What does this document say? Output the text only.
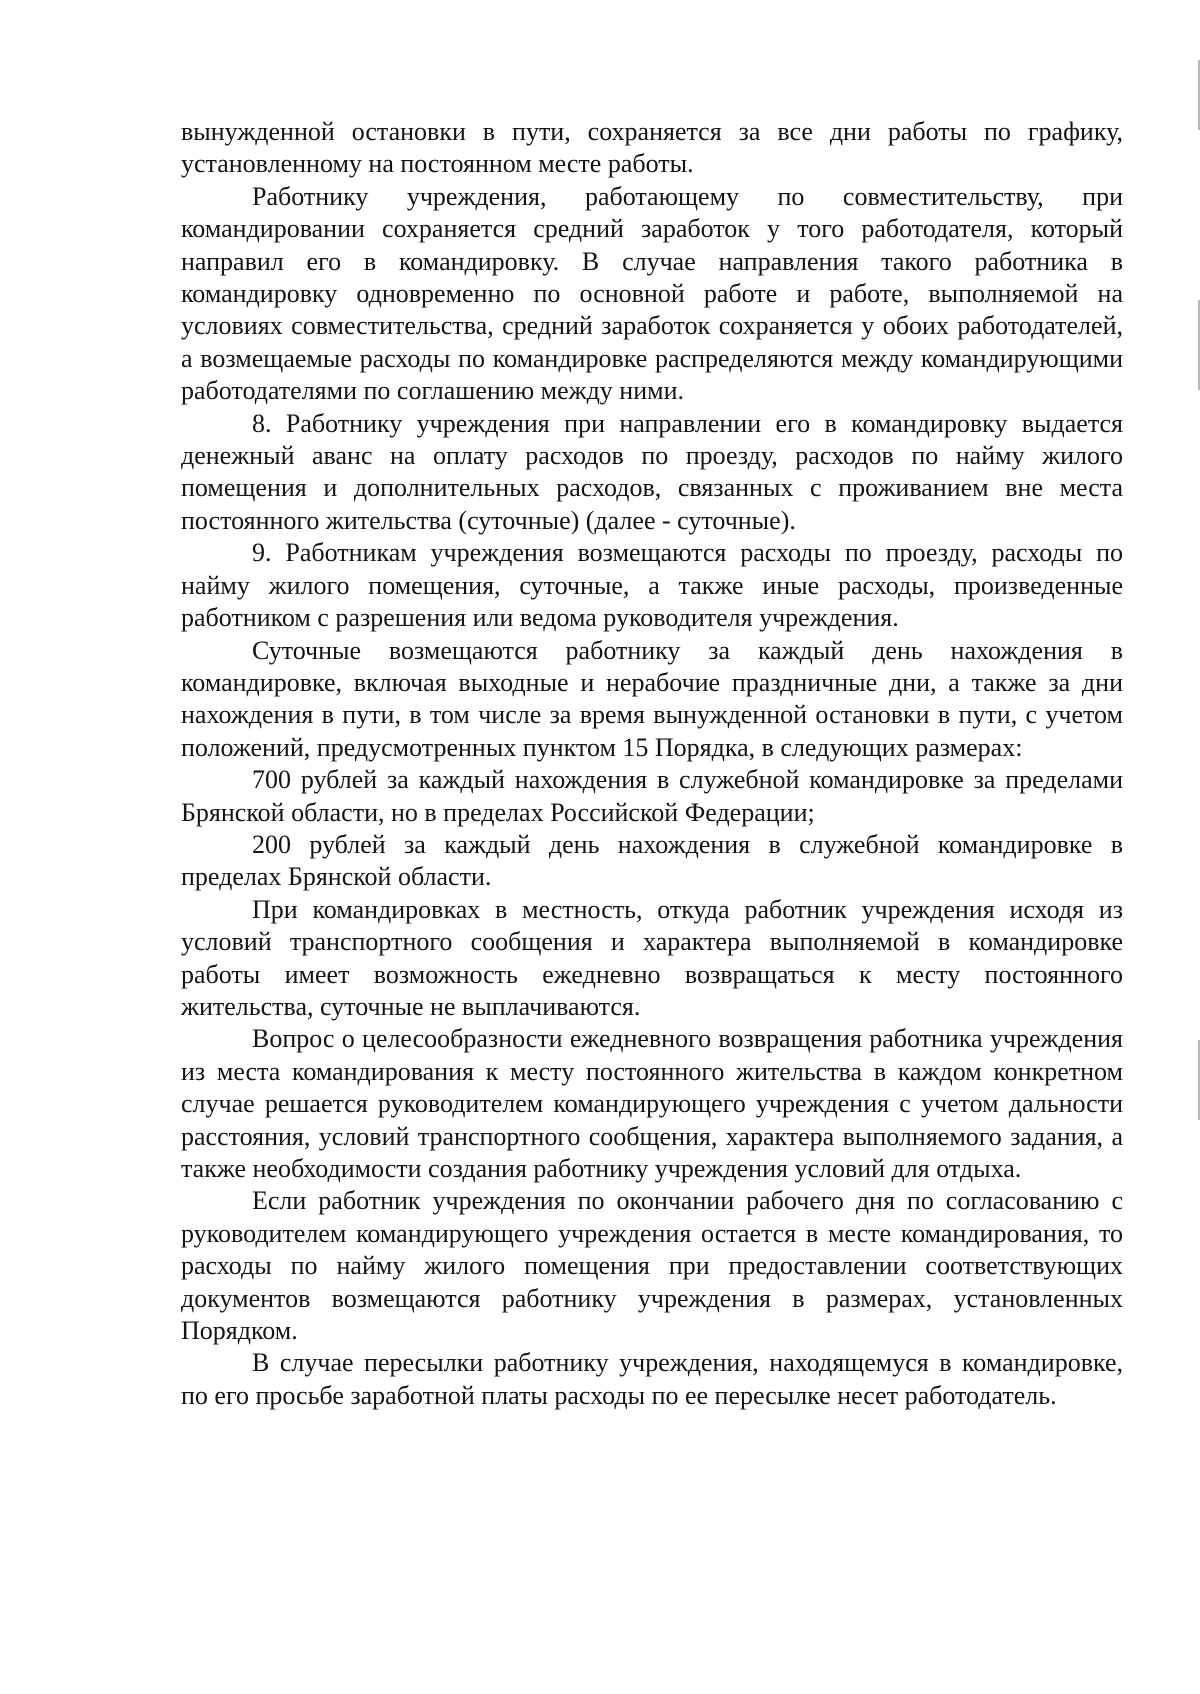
вынужденной остановки в пути, сохраняется за все дни работы по графику, установленному на постоянном месте работы.

Работнику учреждения, работающему по совместительству, при командировании сохраняется средний заработок у того работодателя, который направил его в командировку. В случае направления такого работника в командировку одновременно по основной работе и работе, выполняемой на условиях совместительства, средний заработок сохраняется у обоих работодателей, а возмещаемые расходы по командировке распределяются между командирующими работодателями по соглашению между ними.

8. Работнику учреждения при направлении его в командировку выдается денежный аванс на оплату расходов по проезду, расходов по найму жилого помещения и дополнительных расходов, связанных с проживанием вне места постоянного жительства (суточные) (далее - суточные).

9. Работникам учреждения возмещаются расходы по проезду, расходы по найму жилого помещения, суточные, а также иные расходы, произведенные работником с разрешения или ведома руководителя учреждения.

Суточные возмещаются работнику за каждый день нахождения в командировке, включая выходные и нерабочие праздничные дни, а также за дни нахождения в пути, в том числе за время вынужденной остановки в пути, с учетом положений, предусмотренных пунктом 15 Порядка, в следующих размерах:

700 рублей за каждый нахождения в служебной командировке за пределами Брянской области, но в пределах Российской Федерации;

200 рублей за каждый день нахождения в служебной командировке в пределах Брянской области.

При командировках в местность, откуда работник учреждения исходя из условий транспортного сообщения и характера выполняемой в командировке работы имеет возможность ежедневно возвращаться к месту постоянного жительства, суточные не выплачиваются.

Вопрос о целесообразности ежедневного возвращения работника учреждения из места командирования к месту постоянного жительства в каждом конкретном случае решается руководителем командирующего учреждения с учетом дальности расстояния, условий транспортного сообщения, характера выполняемого задания, а также необходимости создания работнику учреждения условий для отдыха.

Если работник учреждения по окончании рабочего дня по согласованию с руководителем командирующего учреждения остается в месте командирования, то расходы по найму жилого помещения при предоставлении соответствующих документов возмещаются работнику учреждения в размерах, установленных Порядком.

В случае пересылки работнику учреждения, находящемуся в командировке, по его просьбе заработной платы расходы по ее пересылке несет работодатель.
